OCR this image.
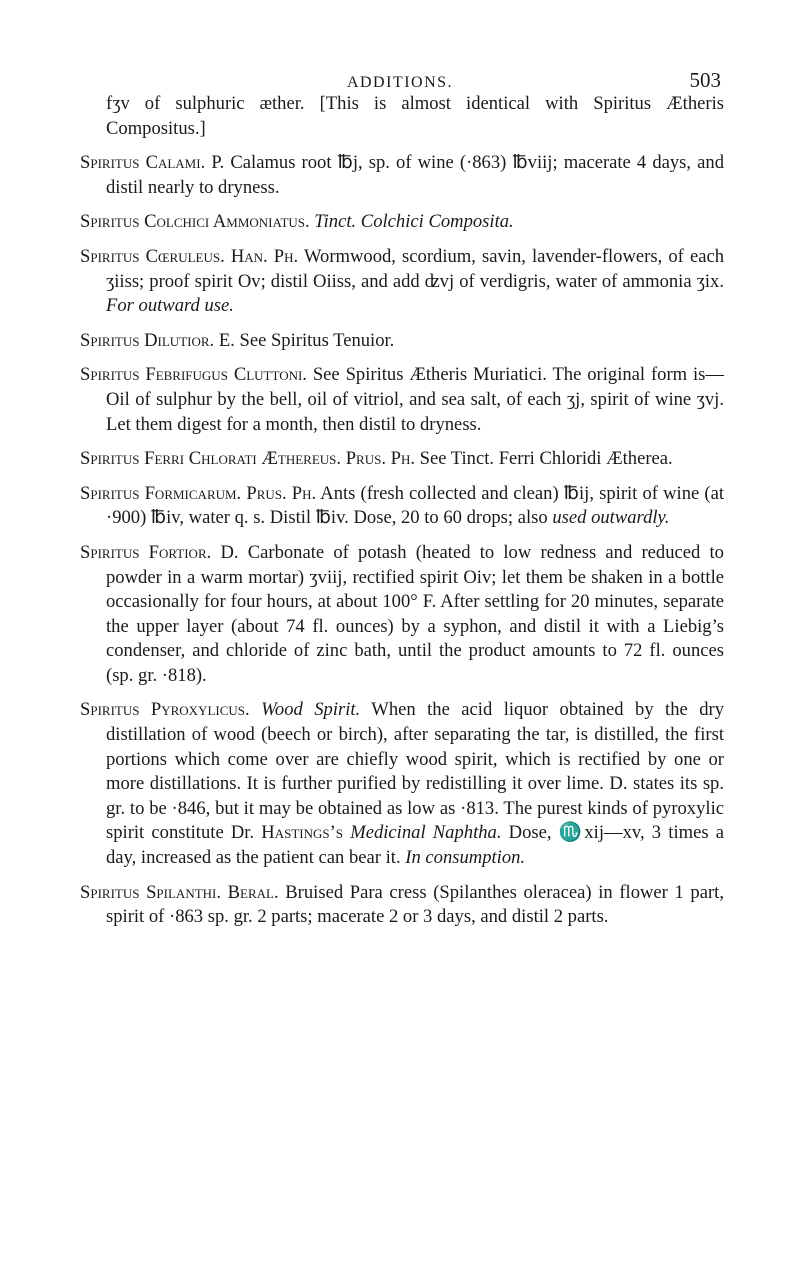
ADDITIONS.	503

fʒv of sulphuric æther. [This is almost identical with Spiritus Ætheris Compositus.]

Spiritus Calami. P. Calamus root ℔j, sp. of wine (·863) ℔viij; macerate 4 days, and distil nearly to dryness.

Spiritus Colchici Ammoniatus. Tinct. Colchici Composita.

Spiritus Cœruleus. Han. Ph. Wormwood, scordium, savin, lavender-flowers, of each ʒiiss; proof spirit Ov; distil Oiiss, and add ʣvj of verdigris, water of ammonia ʒix. For outward use.

Spiritus Dilutior. E. See Spiritus Tenuior.

Spiritus Febrifugus Cluttoni. See Spiritus Ætheris Muriatici. The original form is—Oil of sulphur by the bell, oil of vitriol, and sea salt, of each ʒj, spirit of wine ʒvj. Let them digest for a month, then distil to dryness.

Spiritus Ferri Chlorati Æthereus. Prus. Ph. See Tinct. Ferri Chloridi Ætherea.

Spiritus Formicarum. Prus. Ph. Ants (fresh collected and clean) ℔ij, spirit of wine (at ·900) ℔iv, water q. s. Distil ℔iv. Dose, 20 to 60 drops; also used outwardly.

Spiritus Fortior. D. Carbonate of potash (heated to low redness and reduced to powder in a warm mortar) ʒviij, rectified spirit Oiv; let them be shaken in a bottle occasionally for four hours, at about 100° F. After settling for 20 minutes, separate the upper layer (about 74 fl. ounces) by a syphon, and distil it with a Liebig’s condenser, and chloride of zinc bath, until the product amounts to 72 fl. ounces (sp. gr. ·818).

Spiritus Pyroxylicus. Wood Spirit. When the acid liquor obtained by the dry distillation of wood (beech or birch), after separating the tar, is distilled, the first portions which come over are chiefly wood spirit, which is rectified by one or more distillations. It is further purified by redistilling it over lime. D. states its sp. gr. to be ·846, but it may be obtained as low as ·813. The purest kinds of pyroxylic spirit constitute Dr. Hastings’s Medicinal Naphtha. Dose, ♏xij—xv, 3 times a day, increased as the patient can bear it. In consumption.

Spiritus Spilanthi. Beral. Bruised Para cress (Spilanthes oleracea) in flower 1 part, spirit of ·863 sp. gr. 2 parts; macerate 2 or 3 days, and distil 2 parts.
